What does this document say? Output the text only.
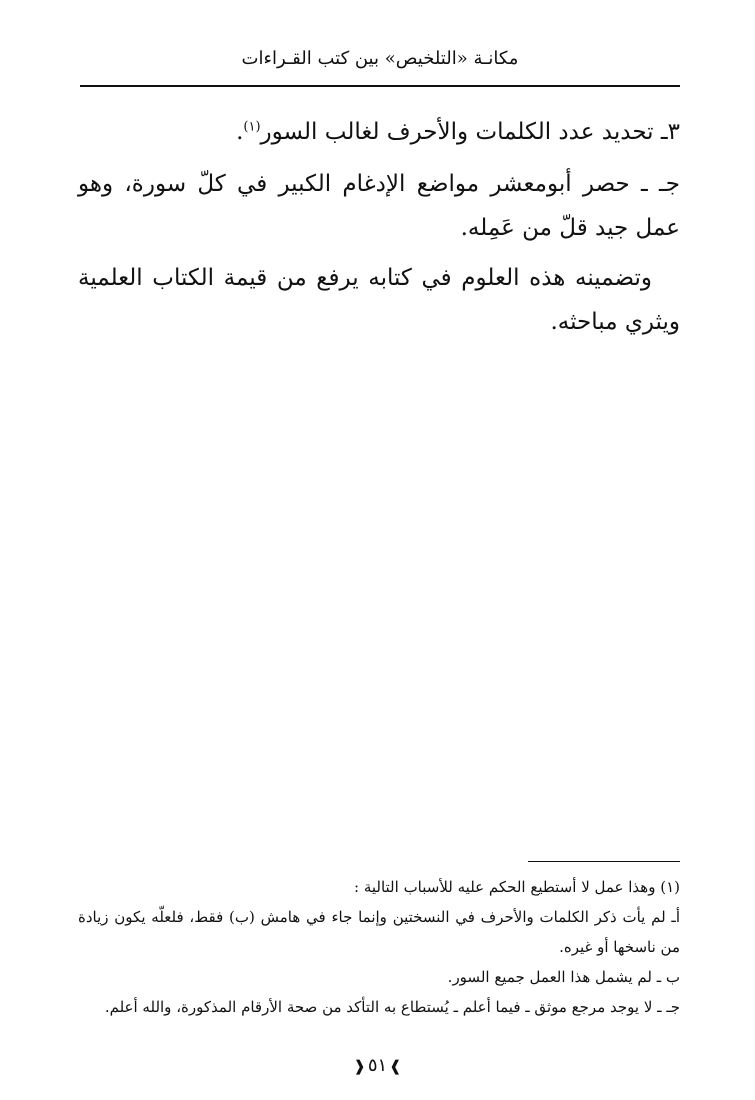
مكانـة «التلخيص» بين كتب القـراءات

٣ـ تحديد عدد الكلمات والأحرف لغالب السور$^{(١)}$.

جـ ـ حصر أبومعشر مواضع الإدغام الكبير في كلّ سورة، وهو عمل جيد قلّ من عَمِله.

وتضمينه هذه العلوم في كتابه يرفع من قيمة الكتاب العلمية ويثري مباحثه.

(١) وهذا عمل لا أستطيع الحكم عليه للأسباب التالية :

أـ لم يأت ذكر الكلمات والأحرف في النسختين وإنما جاء في هامش (ب) فقط، فلعلّه يكون زيادة من ناسخها أو غيره.

ب ـ لم يشمل هذا العمل جميع السور.

جـ ـ لا يوجد مرجع موثق ـ فيما أعلم ـ يُستطاع به التأكد من صحة الأرقام المذكورة، والله أعلم.

❱٥١❰
